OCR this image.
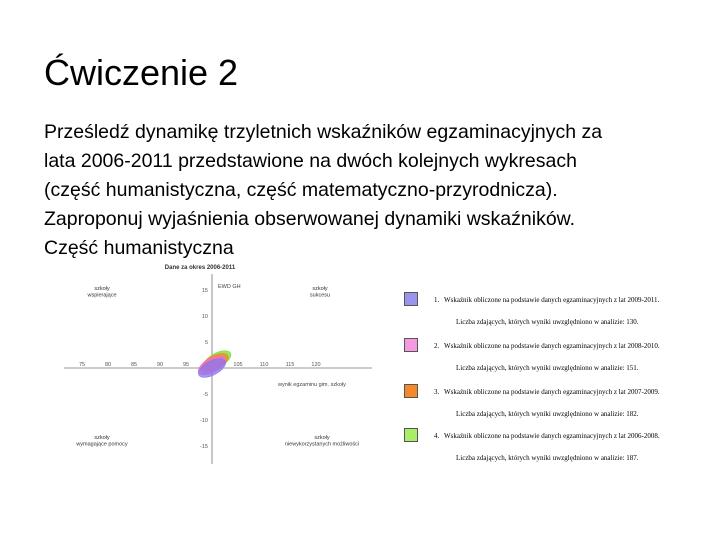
Ćwiczenie 2
Prześledź dynamikę trzyletnich wskaźników egzaminacyjnych za
lata 2006-2011 przedstawione na dwóch kolejnych wykresach
(część humanistyczna, część matematyczno-przyrodnicza).
Zaproponuj wyjaśnienia obserwowanej dynamiki wskaźników.
Część humanistyczna
Dane za okres 2006-2011
EWD GH
wynik egzaminu gim. szkoły
szkoły wspierające
szkoły sukcesu
szkoły wymagające pomocy
szkoły niewykorzystanych możliwości
75	80	85	90	95	105	110	115	120
15
10
5
-5
-10
-15
1. Wskaźnik obliczone na podstawie danych egzaminacyjnych z lat 2009-2011.
Liczba zdających, których wyniki uwzględniono w analizie: 130.
2. Wskaźnik obliczone na podstawie danych egzaminacyjnych z lat 2008-2010.
Liczba zdających, których wyniki uwzględniono w analizie: 151.
3. Wskaźnik obliczone na podstawie danych egzaminacyjnych z lat 2007-2009.
Liczba zdających, których wyniki uwzględniono w analizie: 182.
4. Wskaźnik obliczone na podstawie danych egzaminacyjnych z lat 2006-2008.
Liczba zdających, których wyniki uwzględniono w analizie: 187.
